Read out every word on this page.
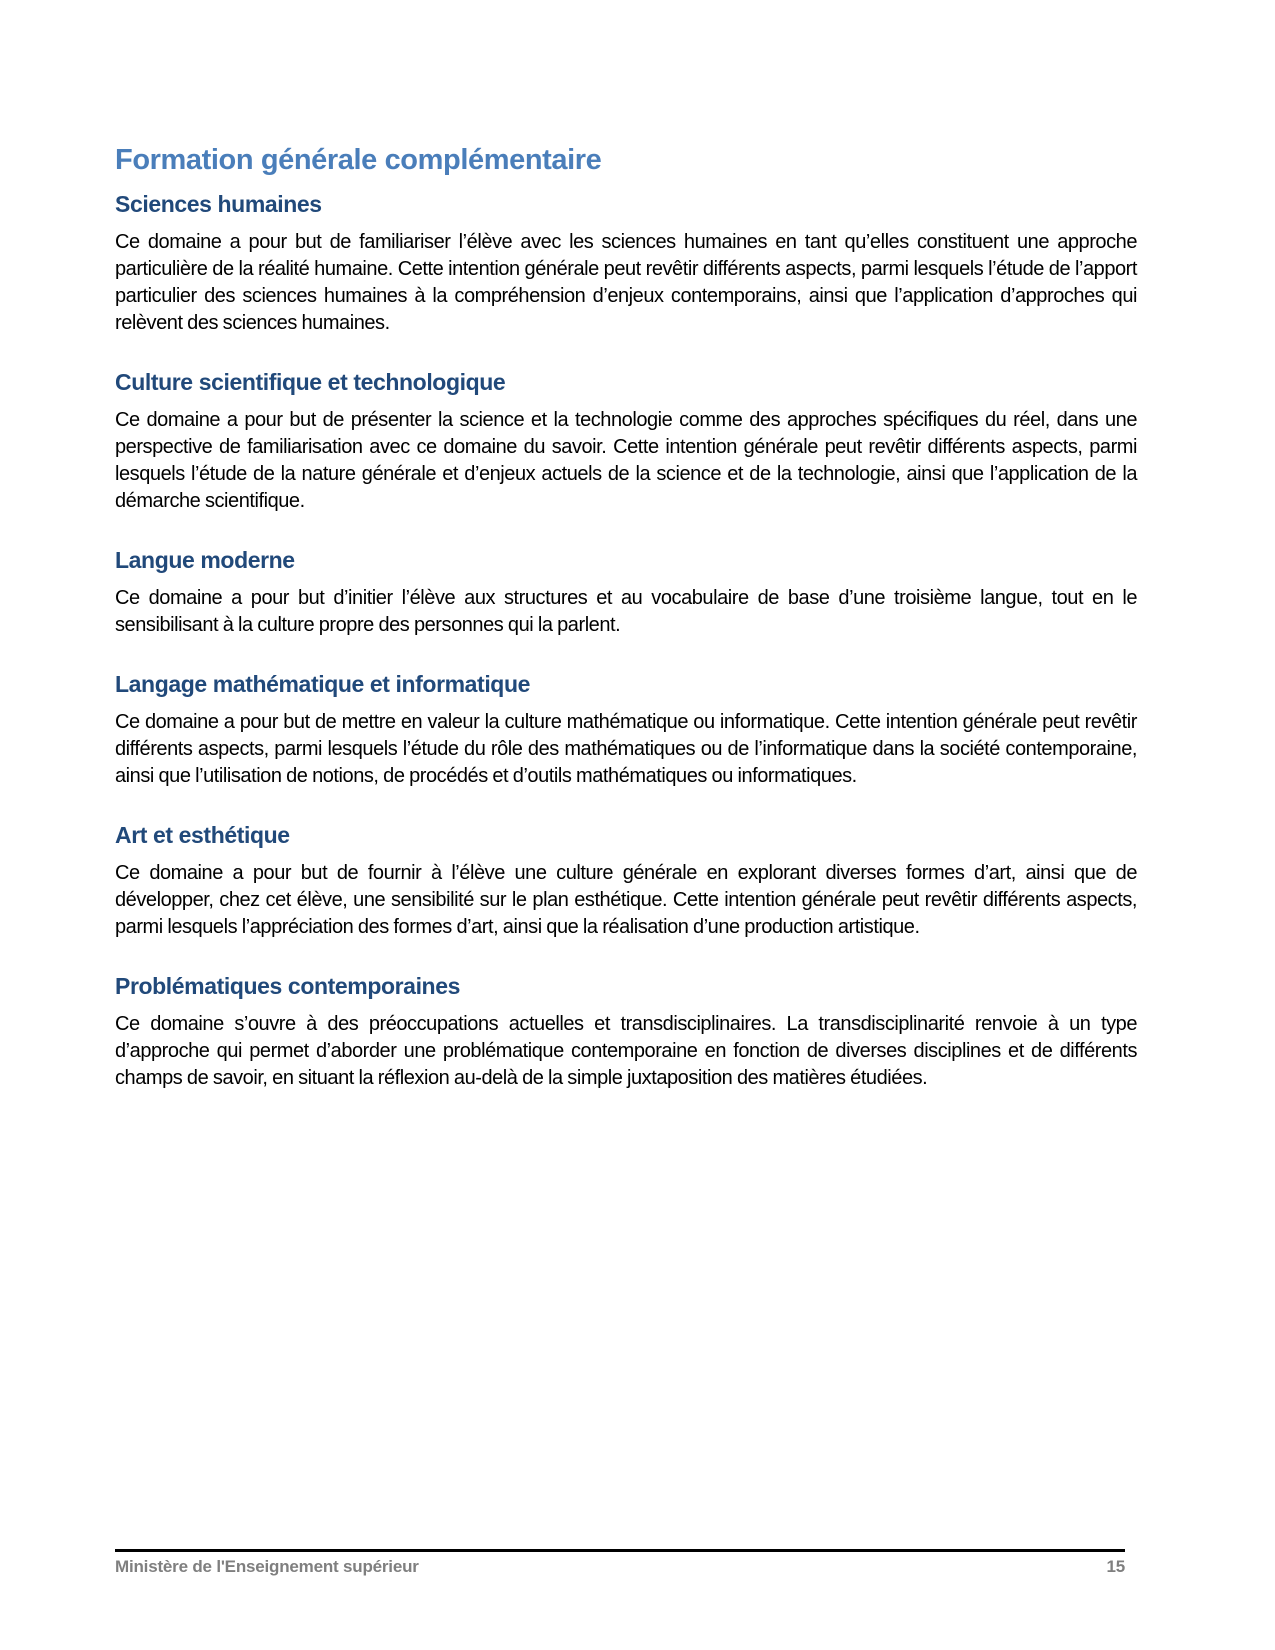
Formation générale complémentaire
Sciences humaines

Ce domaine a pour but de familiariser l’élève avec les sciences humaines en tant qu’elles constituent une approche particulière de la réalité humaine. Cette intention générale peut revêtir différents aspects, parmi lesquels l’étude de l’apport particulier des sciences humaines à la compréhension d’enjeux contemporains, ainsi que l’application d’approches qui relèvent des sciences humaines.

Culture scientifique et technologique

Ce domaine a pour but de présenter la science et la technologie comme des approches spécifiques du réel, dans une perspective de familiarisation avec ce domaine du savoir. Cette intention générale peut revêtir différents aspects, parmi lesquels l’étude de la nature générale et d’enjeux actuels de la science et de la technologie, ainsi que l’application de la démarche scientifique.

Langue moderne

Ce domaine a pour but d’initier l’élève aux structures et au vocabulaire de base d’une troisième langue, tout en le sensibilisant à la culture propre des personnes qui la parlent.

Langage mathématique et informatique

Ce domaine a pour but de mettre en valeur la culture mathématique ou informatique. Cette intention générale peut revêtir différents aspects, parmi lesquels l’étude du rôle des mathématiques ou de l’informatique dans la société contemporaine, ainsi que l’utilisation de notions, de procédés et d’outils mathématiques ou informatiques.

Art et esthétique

Ce domaine a pour but de fournir à l’élève une culture générale en explorant diverses formes d’art, ainsi que de développer, chez cet élève, une sensibilité sur le plan esthétique. Cette intention générale peut revêtir différents aspects, parmi lesquels l’appréciation des formes d’art, ainsi que la réalisation d’une production artistique.

Problématiques contemporaines

Ce domaine s’ouvre à des préoccupations actuelles et transdisciplinaires. La transdisciplinarité renvoie à un type d’approche qui permet d’aborder une problématique contemporaine en fonction de diverses disciplines et de différents champs de savoir, en situant la réflexion au-delà de la simple juxtaposition des matières étudiées.

Ministère de l'Enseignement supérieur	15
